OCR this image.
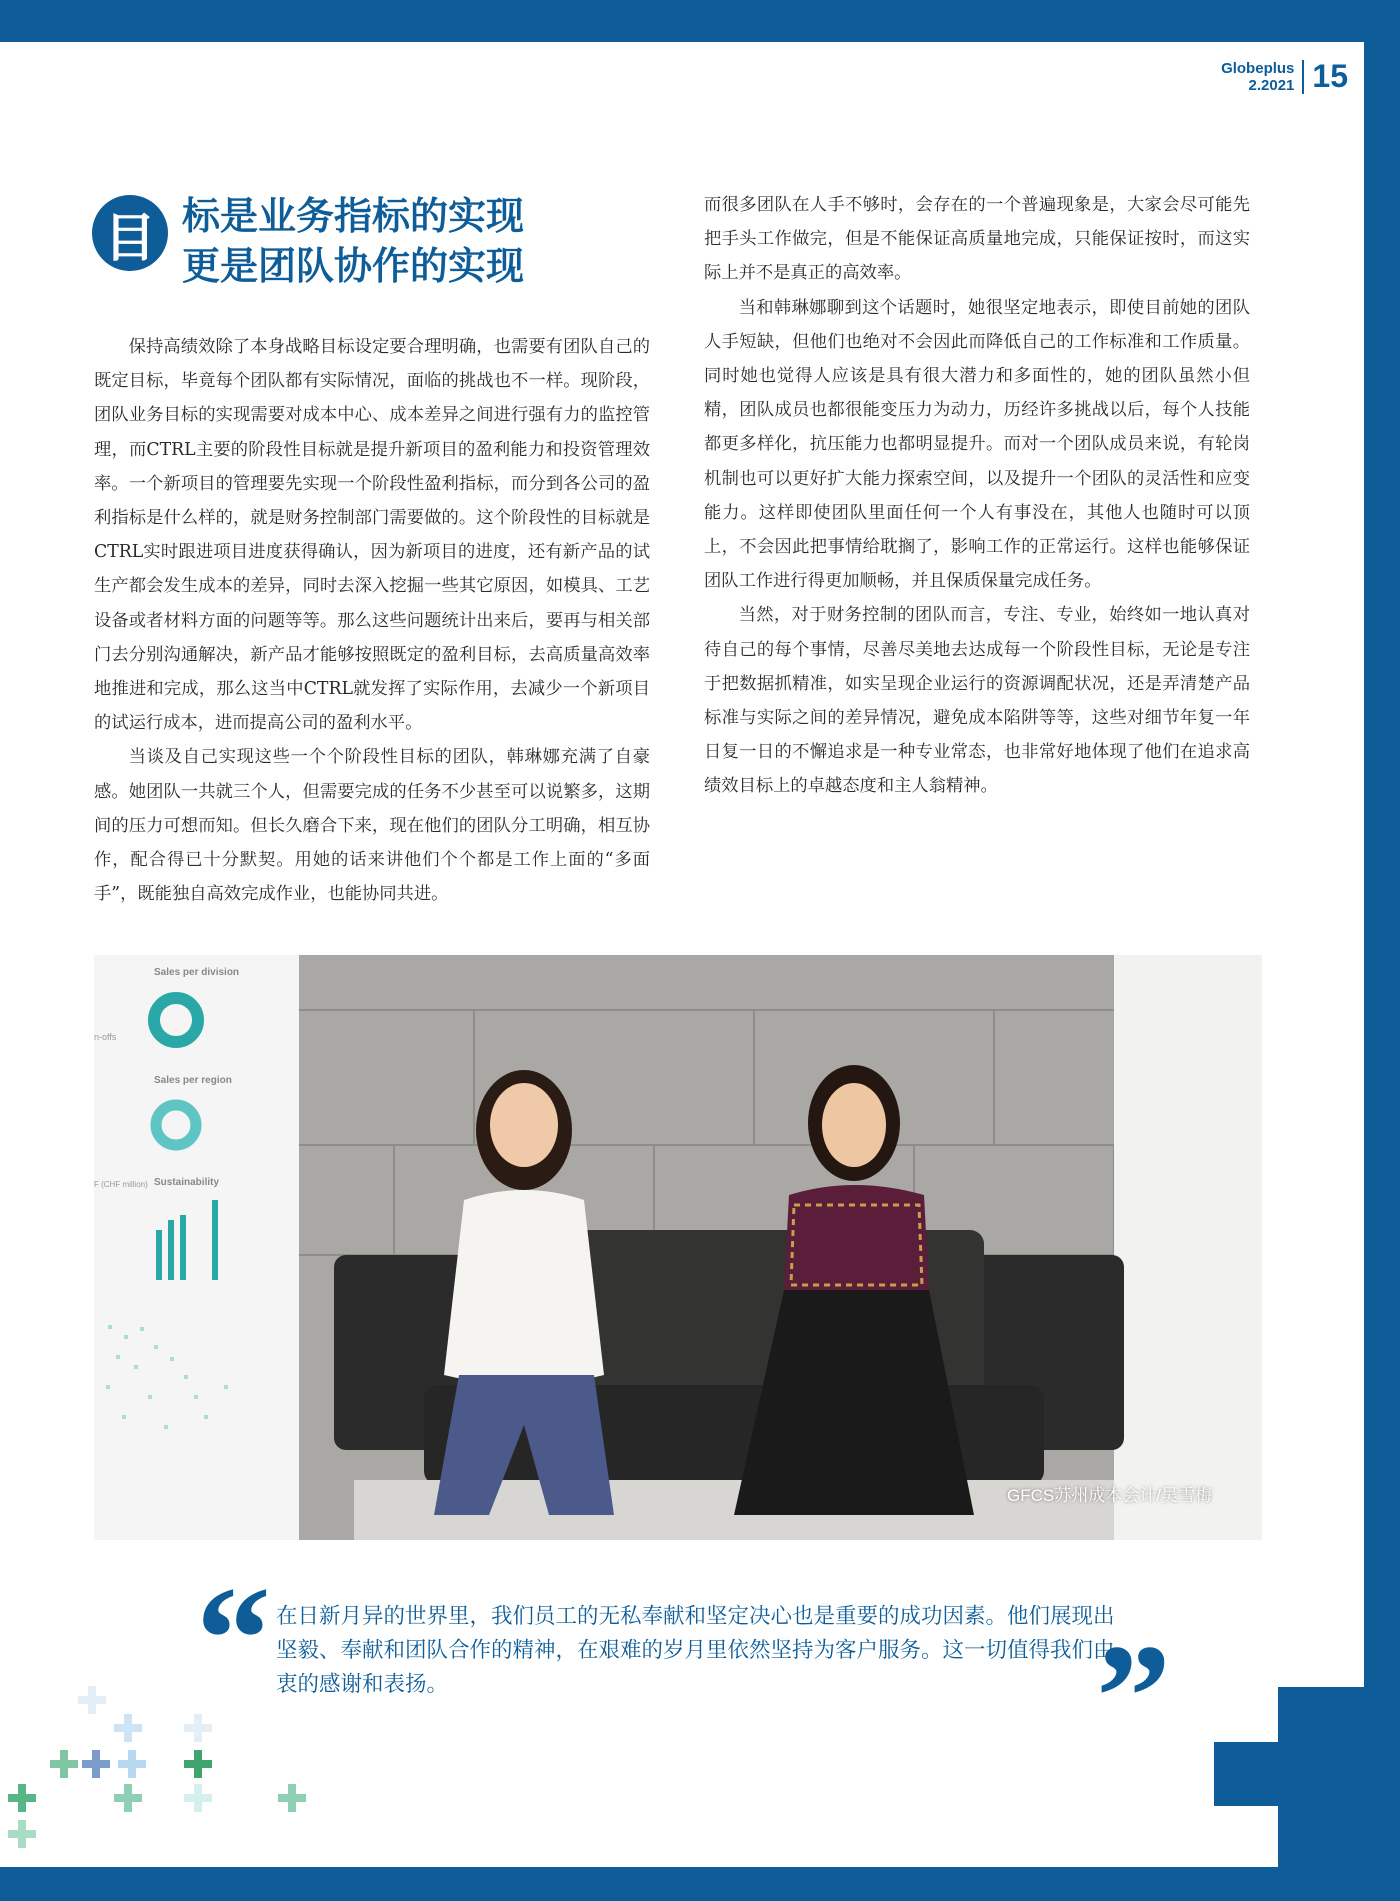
Globeplus
2.2021 15
目 标是业务指标的实现
更是团队协作的实现

保持高绩效除了本身战略目标设定要合理明确，也需要有团队自己的既定目标，毕竟每个团队都有实际情况，面临的挑战也不一样。现阶段，团队业务目标的实现需要对成本中心、成本差异之间进行强有力的监控管理，而CTRL主要的阶段性目标就是提升新项目的盈利能力和投资管理效率。一个新项目的管理要先实现一个阶段性盈利指标，而分到各公司的盈利指标是什么样的，就是财务控制部门需要做的。这个阶段性的目标就是CTRL实时跟进项目进度获得确认，因为新项目的进度，还有新产品的试生产都会发生成本的差异，同时去深入挖掘一些其它原因，如模具、工艺设备或者材料方面的问题等等。那么这些问题统计出来后，要再与相关部门去分别沟通解决，新产品才能够按照既定的盈利目标，去高质量高效率地推进和完成，那么这当中CTRL就发挥了实际作用，去减少一个新项目的试运行成本，进而提高公司的盈利水平。

当谈及自己实现这些一个个阶段性目标的团队，韩琳娜充满了自豪感。她团队一共就三个人，但需要完成的任务不少甚至可以说繁多，这期间的压力可想而知。但长久磨合下来，现在他们的团队分工明确，相互协作，配合得已十分默契。用她的话来讲他们个个都是工作上面的“多面手”，既能独自高效完成作业，也能协同共进。

而很多团队在人手不够时，会存在的一个普遍现象是，大家会尽可能先把手头工作做完，但是不能保证高质量地完成，只能保证按时，而这实际上并不是真正的高效率。

当和韩琳娜聊到这个话题时，她很坚定地表示，即使目前她的团队人手短缺，但他们也绝对不会因此而降低自己的工作标准和工作质量。同时她也觉得人应该是具有很大潜力和多面性的，她的团队虽然小但精，团队成员也都很能变压力为动力，历经许多挑战以后，每个人技能都更多样化，抗压能力也都明显提升。而对一个团队成员来说，有轮岗机制也可以更好扩大能力探索空间，以及提升一个团队的灵活性和应变能力。这样即使团队里面任何一个人有事没在，其他人也随时可以顶上，不会因此把事情给耽搁了，影响工作的正常运行。这样也能够保证团队工作进行得更加顺畅，并且保质保量完成任务。

当然，对于财务控制的团队而言，专注、专业，始终如一地认真对待自己的每个事情，尽善尽美地去达成每一个阶段性目标，无论是专注于把数据抓精准，如实呈现企业运行的资源调配状况，还是弄清楚产品标准与实际之间的差异情况，避免成本陷阱等等，这些对细节年复一年日复一日的不懈追求是一种专业常态，也非常好地体现了他们在追求高绩效目标上的卓越态度和主人翁精神。

Sales per division
n-offs
Sales per region
Sustainability
F (CHF million)
GFCS苏州成本会计/吴雪梅
“ 在日新月异的世界里，我们员工的无私奉献和坚定决心也是重要的成功因素。他们展现出坚毅、奉献和团队合作的精神，在艰难的岁月里依然坚持为客户服务。这一切值得我们由衷的感谢和表扬。	”
